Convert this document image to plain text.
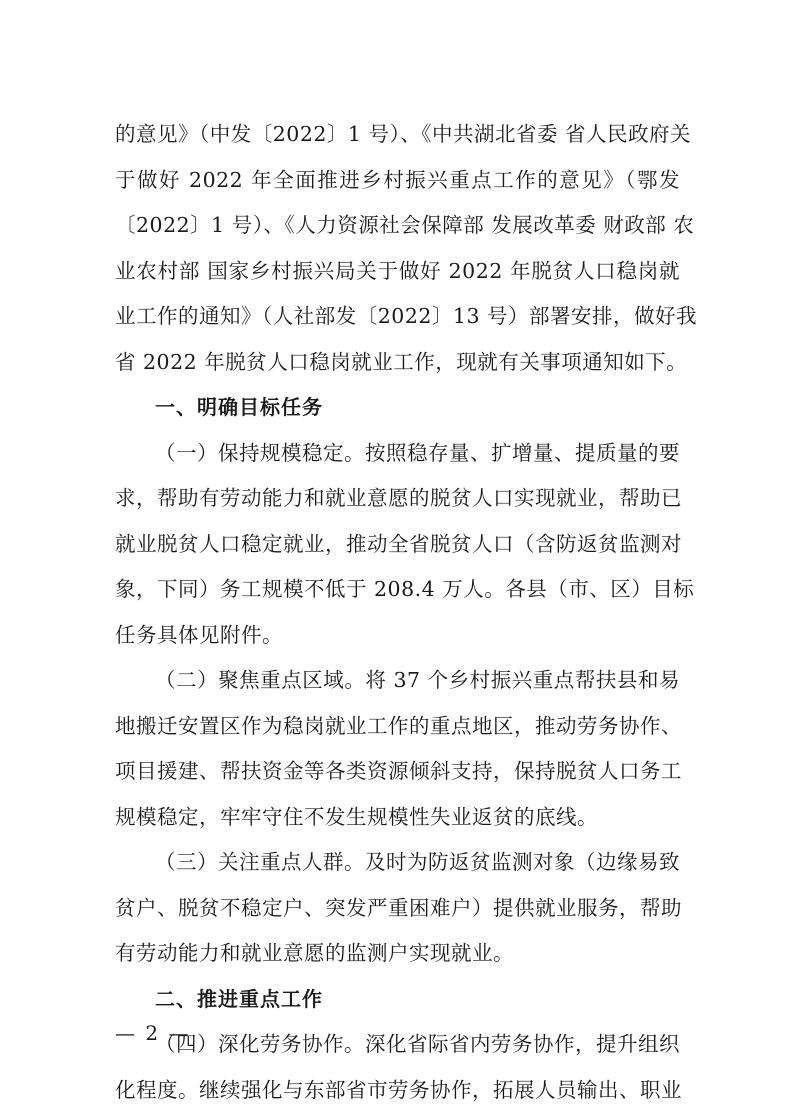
的意见》（中发〔2022〕1 号）、《中共湖北省委 省人民政府关
于做好 2022 年全面推进乡村振兴重点工作的意见》（鄂发
〔2022〕1 号）、《人力资源社会保障部 发展改革委 财政部 农
业农村部 国家乡村振兴局关于做好 2022 年脱贫人口稳岗就
业工作的通知》（人社部发〔2022〕13 号）部署安排，做好我
省 2022 年脱贫人口稳岗就业工作，现就有关事项通知如下。
一、明确目标任务
（一）保持规模稳定。按照稳存量、扩增量、提质量的要
求，帮助有劳动能力和就业意愿的脱贫人口实现就业，帮助已
就业脱贫人口稳定就业，推动全省脱贫人口（含防返贫监测对
象，下同）务工规模不低于 208.4 万人。各县（市、区）目标
任务具体见附件。
（二）聚焦重点区域。将 37 个乡村振兴重点帮扶县和易
地搬迁安置区作为稳岗就业工作的重点地区，推动劳务协作、
项目援建、帮扶资金等各类资源倾斜支持，保持脱贫人口务工
规模稳定，牢牢守住不发生规模性失业返贫的底线。
（三）关注重点人群。及时为防返贫监测对象（边缘易致
贫户、脱贫不稳定户、突发严重困难户）提供就业服务，帮助
有劳动能力和就业意愿的监测户实现就业。
二、推进重点工作
（四）深化劳务协作。深化省际省内劳务协作，提升组织
化程度。继续强化与东部省市劳务协作，拓展人员输出、职业
— 2 —
